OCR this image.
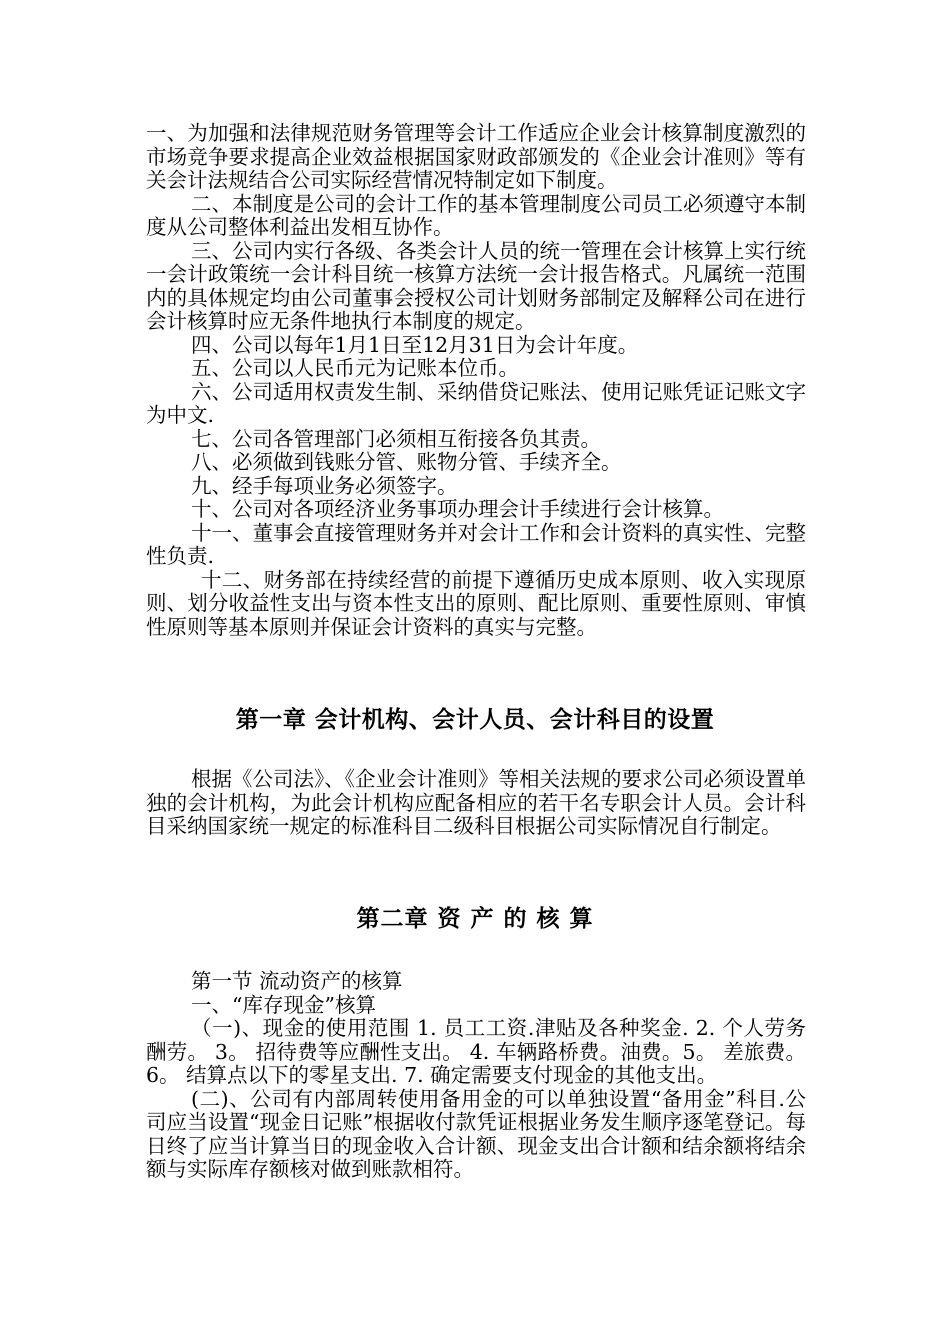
一、为加强和法律规范财务管理等会计工作适应企业会计核算制度激烈的市场竞争要求提高企业效益根据国家财政部颁发的《企业会计准则》等有关会计法规结合公司实际经营情况特制定如下制度。

二、本制度是公司的会计工作的基本管理制度公司员工必须遵守本制度从公司整体利益出发相互协作。

三、公司内实行各级、各类会计人员的统一管理在会计核算上实行统一会计政策统一会计科目统一核算方法统一会计报告格式。凡属统一范围内的具体规定均由公司董事会授权公司计划财务部制定及解释公司在进行会计核算时应无条件地执行本制度的规定。

四、公司以每年1月1日至12月31日为会计年度。

五、公司以人民币元为记账本位币。

六、公司适用权责发生制、采纳借贷记账法、使用记账凭证记账文字为中文.

七、公司各管理部门必须相互衔接各负其责。

八、必须做到钱账分管、账物分管、手续齐全。

九、经手每项业务必须签字。

十、公司对各项经济业务事项办理会计手续进行会计核算。

十一、董事会直接管理财务并对会计工作和会计资料的真实性、完整性负责.

十二、财务部在持续经营的前提下遵循历史成本原则、收入实现原则、划分收益性支出与资本性支出的原则、配比原则、重要性原则、审慎性原则等基本原则并保证会计资料的真实与完整。

第一章 会计机构、会计人员、会计科目的设置

根据《公司法》、《企业会计准则》等相关法规的要求公司必须设置单独的会计机构，为此会计机构应配备相应的若干名专职会计人员。会计科目采纳国家统一规定的标准科目二级科目根据公司实际情况自行制定。

第二章 资 产 的 核 算

第一节 流动资产的核算

一、“库存现金”核算

（一)、现金的使用范围 1. 员工工资.津贴及各种奖金. 2. 个人劳务酬劳。 3。 招待费等应酬性支出。 4. 车辆路桥费。油费。5。 差旅费。 6。 结算点以下的零星支出. 7. 确定需要支付现金的其他支出。

(二)、公司有内部周转使用备用金的可以单独设置“备用金”科目.公司应当设置“现金日记账”根据收付款凭证根据业务发生顺序逐笔登记。每日终了应当计算当日的现金收入合计额、现金支出合计额和结余额将结余额与实际库存额核对做到账款相符。
